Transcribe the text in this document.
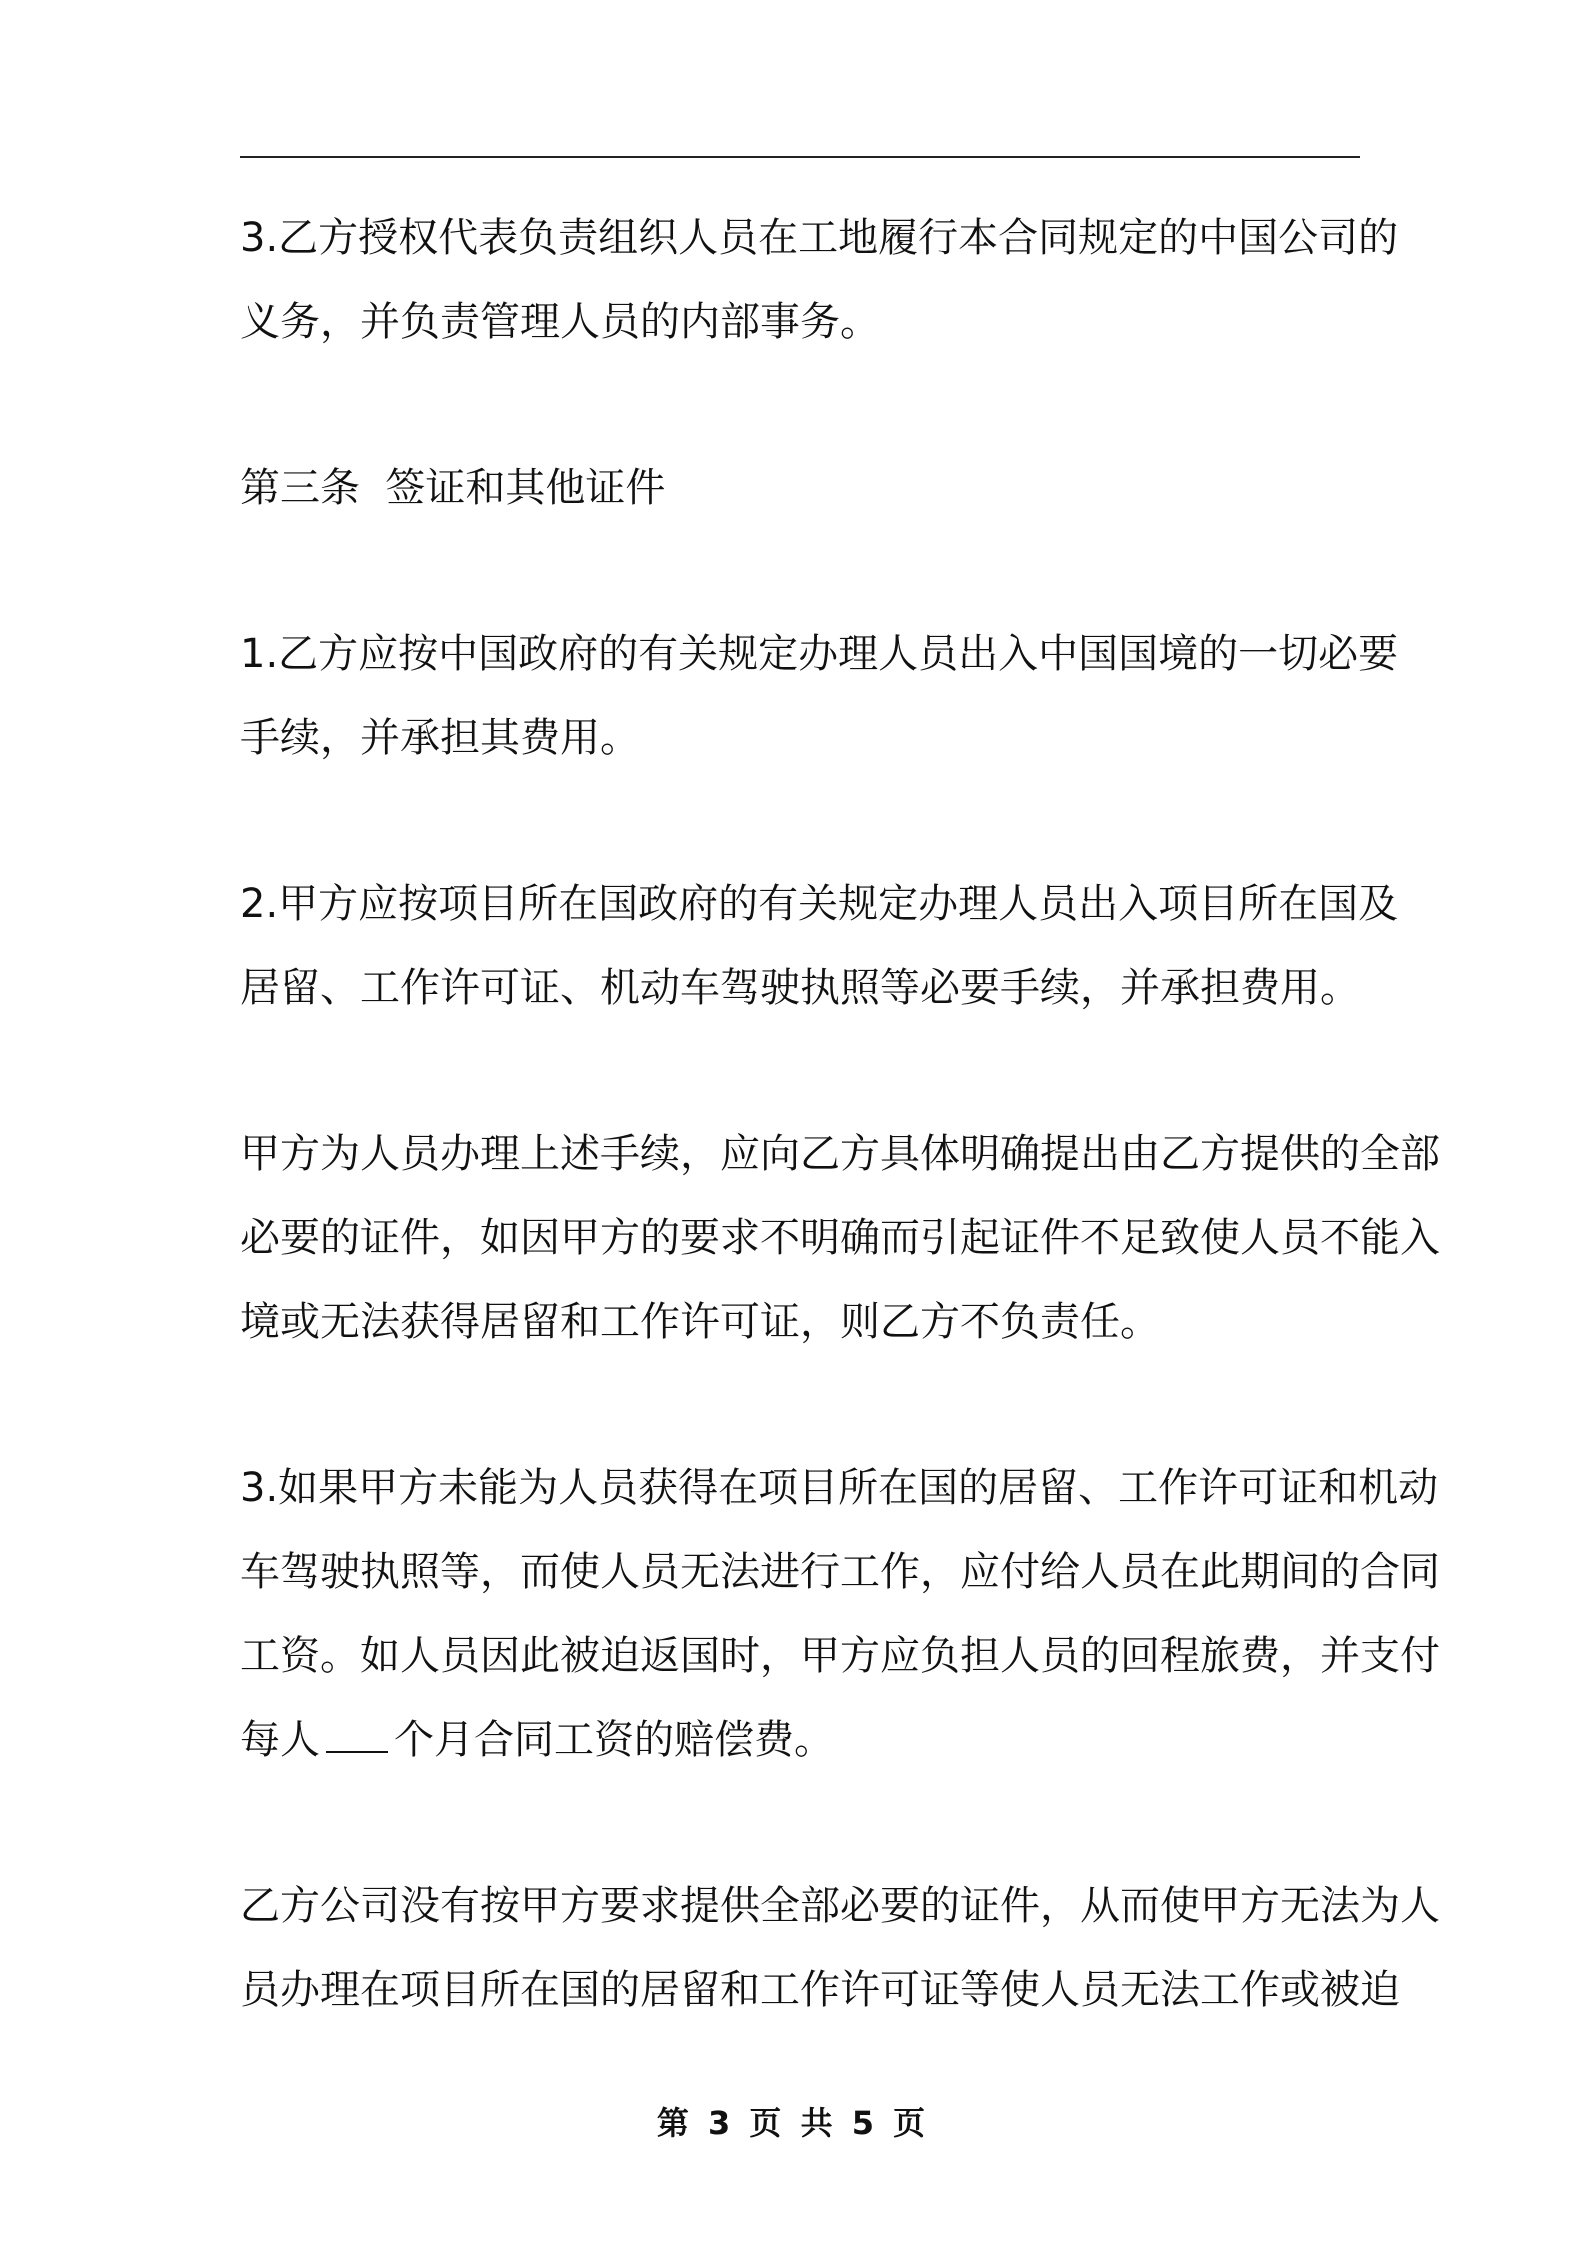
3.乙方授权代表负责组织人员在工地履行本合同规定的中国公司的
义务，并负责管理人员的内部事务。
第三条  签证和其他证件
1.乙方应按中国政府的有关规定办理人员出入中国国境的一切必要
手续，并承担其费用。
2.甲方应按项目所在国政府的有关规定办理人员出入项目所在国及
居留、工作许可证、机动车驾驶执照等必要手续，并承担费用。
甲方为人员办理上述手续，应向乙方具体明确提出由乙方提供的全部
必要的证件，如因甲方的要求不明确而引起证件不足致使人员不能入
境或无法获得居留和工作许可证，则乙方不负责任。
3.如果甲方未能为人员获得在项目所在国的居留、工作许可证和机动
车驾驶执照等，而使人员无法进行工作，应付给人员在此期间的合同
工资。如人员因此被迫返国时，甲方应负担人员的回程旅费，并支付
每人 个月合同工资的赔偿费。
乙方公司没有按甲方要求提供全部必要的证件，从而使甲方无法为人
员办理在项目所在国的居留和工作许可证等使人员无法工作或被迫
第 3 页 共 5 页
